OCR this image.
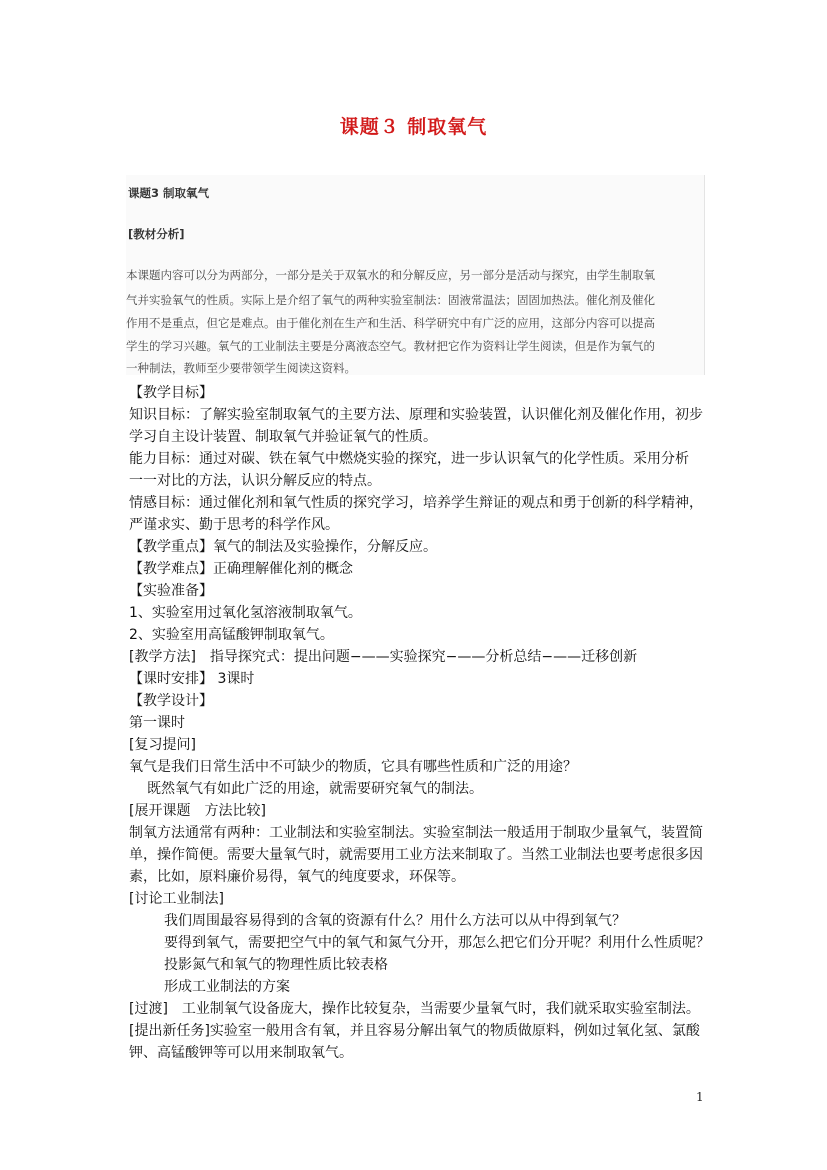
课题３ 制取氧气
课题3 制取氧气
[教材分析]
本课题内容可以分为两部分，一部分是关于双氧水的和分解反应，另一部分是活动与探究，由学生制取氧
气并实验氧气的性质。实际上是介绍了氧气的两种实验室制法：固液常温法；固固加热法。催化剂及催化
作用不是重点，但它是难点。由于催化剂在生产和生活、科学研究中有广泛的应用，这部分内容可以提高
学生的学习兴趣。氧气的工业制法主要是分离液态空气。教材把它作为资料让学生阅读，但是作为氧气的
一种制法，教师至少要带领学生阅读这资料。
【教学目标】
知识目标：了解实验室制取氧气的主要方法、原理和实验装置，认识催化剂及催化作用，初步
学习自主设计装置、制取氧气并验证氧气的性质。
能力目标：通过对碳、铁在氧气中燃烧实验的探究，进一步认识氧气的化学性质。采用分析
一一对比的方法，认识分解反应的特点。
情感目标：通过催化剂和氧气性质的探究学习，培养学生辩证的观点和勇于创新的科学精神，
严谨求实、勤于思考的科学作风。
【教学重点】氧气的制法及实验操作，分解反应。
【教学难点】正确理解催化剂的概念
【实验准备】
1、实验室用过氧化氢溶液制取氧气。
2、实验室用高锰酸钾制取氧气。
[教学方法]　指导探究式：提出问题−——实验探究−——分析总结−——迁移创新
【课时安排】 3课时
【教学设计】
第一课时
[复习提问]
氧气是我们日常生活中不可缺少的物质，它具有哪些性质和广泛的用途？
既然氧气有如此广泛的用途，就需要研究氧气的制法。
[展开课题　方法比较]
制氧方法通常有两种：工业制法和实验室制法。实验室制法一般适用于制取少量氧气，装置简
单，操作简便。需要大量氧气时，就需要用工业方法来制取了。当然工业制法也要考虑很多因
素，比如，原料廉价易得，氧气的纯度要求，环保等。
[讨论工业制法]
我们周围最容易得到的含氧的资源有什么？用什么方法可以从中得到氧气？
要得到氧气，需要把空气中的氧气和氮气分开，那怎么把它们分开呢？利用什么性质呢？
投影氮气和氧气的物理性质比较表格
形成工业制法的方案
[过渡]　工业制氧气设备庞大，操作比较复杂，当需要少量氧气时，我们就采取实验室制法。
[提出新任务]实验室一般用含有氧，并且容易分解出氧气的物质做原料，例如过氧化氢、氯酸
钾、高锰酸钾等可以用来制取氧气。
1
